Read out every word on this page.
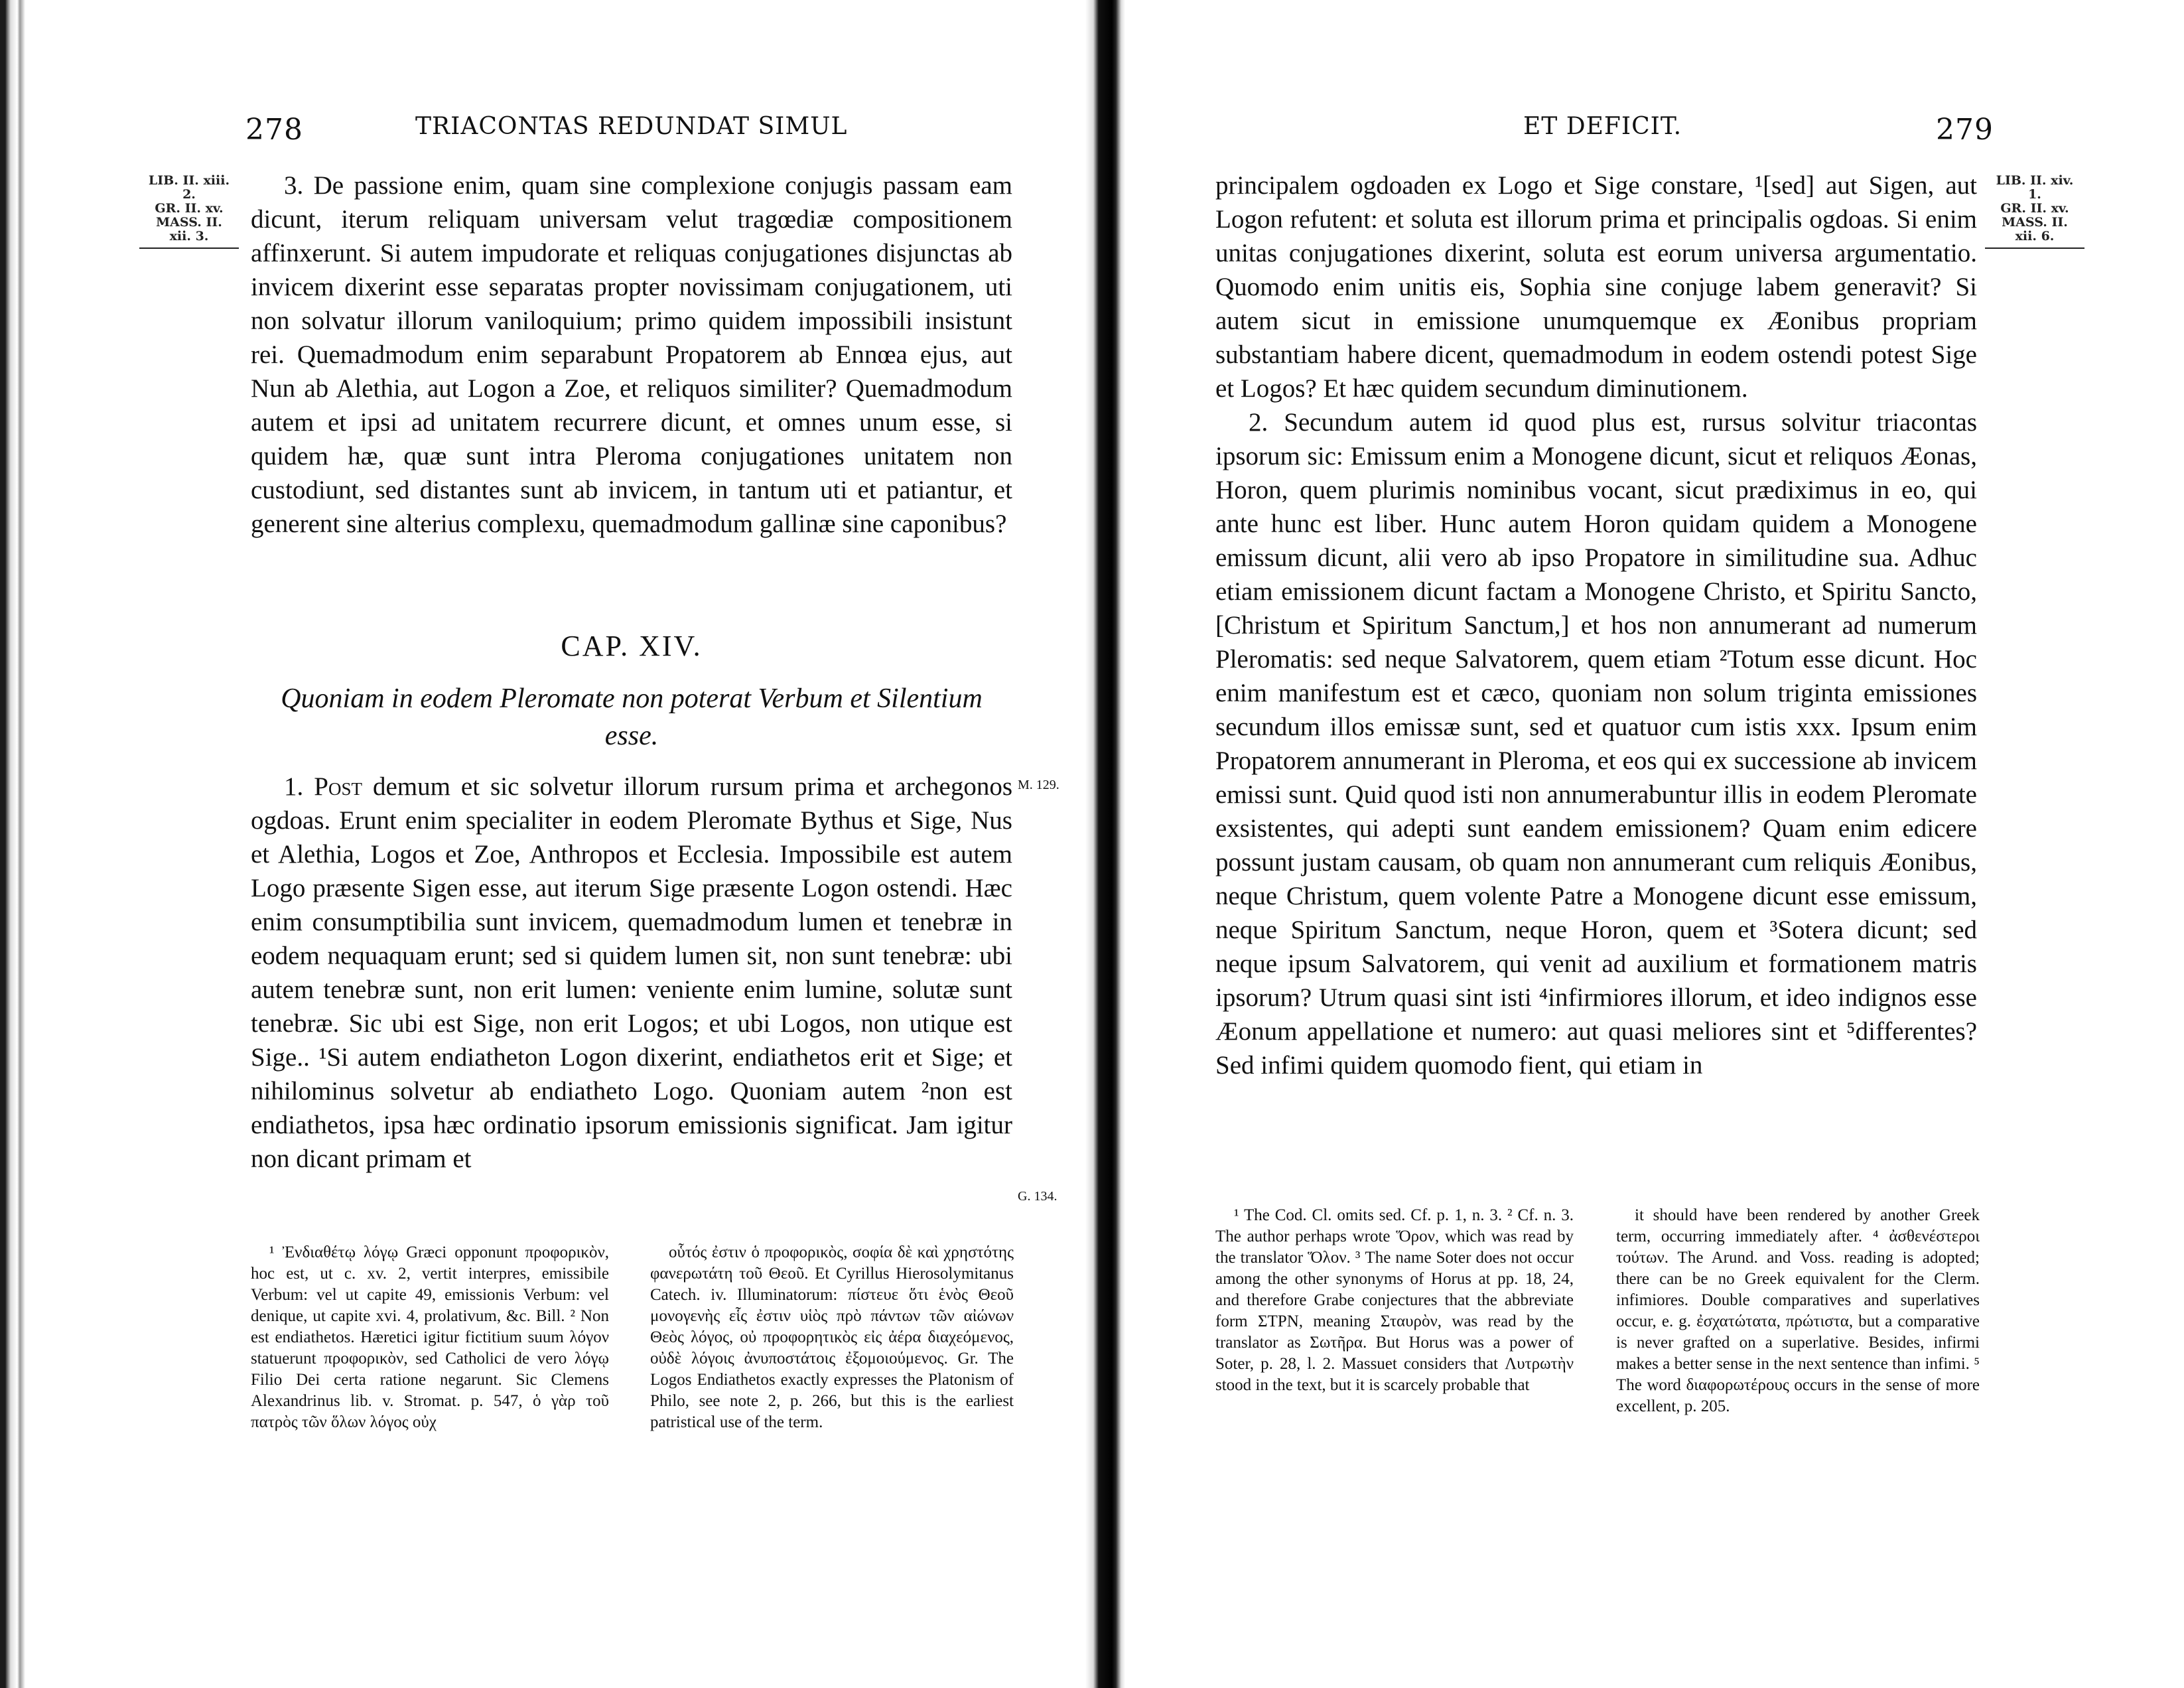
278	TRIACONTAS REDUNDAT SIMUL
LIB. II. xiii.
2.
GR. II. xv.
MASS. II.
xii. 3.

3. De passione enim, quam sine complexione conjugis passam eam dicunt, iterum reliquam universam velut tragœdiæ compositionem affinxerunt. Si autem impudorate et reliquas conjugationes disjunctas ab invicem dixerint esse separatas propter novissimam conjugationem, uti non solvatur illorum vaniloquium; primo quidem impossibili insistunt rei. Quemadmodum enim separabunt Propatorem ab Ennœa ejus, aut Nun ab Alethia, aut Logon a Zoe, et reliquos similiter? Quemadmodum autem et ipsi ad unitatem recurrere dicunt, et omnes unum esse, si quidem hæ, quæ sunt intra Pleroma conjugationes unitatem non custodiunt, sed distantes sunt ab invicem, in tantum uti et patiantur, et generent sine alterius complexu, quemadmodum gallinæ sine caponibus?

CAP. XIV.
Quoniam in eodem Pleromate non poterat Verbum et Silentium esse.

1. Post demum et sic solvetur illorum rursum prima et archegonos ogdoas. Erunt enim specialiter in eodem Pleromate Bythus et Sige, Nus et Alethia, Logos et Zoe, Anthropos et Ecclesia. Impossibile est autem Logo præsente Sigen esse, aut iterum Sige præsente Logon ostendi. Hæc enim consumptibilia sunt invicem, quemadmodum lumen et tenebræ in eodem nequaquam erunt; sed si quidem lumen sit, non sunt tenebræ: ubi autem tenebræ sunt, non erit lumen: veniente enim lumine, solutæ sunt tenebræ. Sic ubi est Sige, non erit Logos; et ubi Logos, non utique est Sige.. ¹Si autem endiatheton Logon dixerint, endiathetos erit et Sige; et nihilominus solvetur ab endiatheto Logo. Quoniam autem ²non est endiathetos, ipsa hæc ordinatio ipsorum emissionis significat. Jam igitur non dicant primam et

M. 129.
G. 134.

¹ Ἐνδιαθέτῳ λόγῳ Græci opponunt προφορικὸν, hoc est, ut c. xv. 2, vertit interpres, emissibile Verbum: vel ut capite 49, emissionis Verbum: vel denique, ut capite xvi. 4, prolativum, &c. Bill. ² Non est endiathetos. Hæretici igitur fictitium suum λόγον statuerunt προφορικὸν, sed Catholici de vero λόγῳ Filio Dei certa ratione negarunt. Sic Clemens Alexandrinus lib. v. Stromat. p. 547, ὁ γὰρ τοῦ πατρὸς τῶν ὅλων λόγος οὐχ

οὗτός ἐστιν ὁ προφορικὸς, σοφία δὲ καὶ χρηστότης φανερωτάτη τοῦ Θεοῦ. Et Cyrillus Hierosolymitanus Catech. iv. Illuminatorum: πίστευε ὅτι ἑνὸς Θεοῦ μονογενὴς εἷς ἐστιν υἱὸς πρὸ πάντων τῶν αἰώνων Θεὸς λόγος, οὐ προφορητικὸς εἰς ἀέρα διαχεόμενος, οὐδὲ λόγοις ἀνυποστάτοις ἐξομοιούμενος. Gr. The Logos Endiathetos exactly expresses the Platonism of Philo, see note 2, p. 266, but this is the earliest patristical use of the term.

ET DEFICIT.	279
LIB. II. xiv.
1.
GR. II. xv.
MASS. II.
xii. 6.

principalem ogdoaden ex Logo et Sige constare, ¹[sed] aut Sigen, aut Logon refutent: et soluta est illorum prima et principalis ogdoas. Si enim unitas conjugationes dixerint, soluta est eorum universa argumentatio. Quomodo enim unitis eis, Sophia sine conjuge labem generavit? Si autem sicut in emissione unumquemque ex Æonibus propriam substantiam habere dicent, quemadmodum in eodem ostendi potest Sige et Logos? Et hæc quidem secundum diminutionem.

2. Secundum autem id quod plus est, rursus solvitur triacontas ipsorum sic: Emissum enim a Monogene dicunt, sicut et reliquos Æonas, Horon, quem plurimis nominibus vocant, sicut prædiximus in eo, qui ante hunc est liber. Hunc autem Horon quidam quidem a Monogene emissum dicunt, alii vero ab ipso Propatore in similitudine sua. Adhuc etiam emissionem dicunt factam a Monogene Christo, et Spiritu Sancto, [Christum et Spiritum Sanctum,] et hos non annumerant ad numerum Pleromatis: sed neque Salvatorem, quem etiam ²Totum esse dicunt. Hoc enim manifestum est et cæco, quoniam non solum triginta emissiones secundum illos emissæ sunt, sed et quatuor cum istis xxx. Ipsum enim Propatorem annumerant in Pleroma, et eos qui ex successione ab invicem emissi sunt. Quid quod isti non annumerabuntur illis in eodem Pleromate exsistentes, qui adepti sunt eandem emissionem? Quam enim edicere possunt justam causam, ob quam non annumerant cum reliquis Æonibus, neque Christum, quem volente Patre a Monogene dicunt esse emissum, neque Spiritum Sanctum, neque Horon, quem et ³Sotera dicunt; sed neque ipsum Salvatorem, qui venit ad auxilium et formationem matris ipsorum? Utrum quasi sint isti ⁴infirmiores illorum, et ideo indignos esse Æonum appellatione et numero: aut quasi meliores sint et ⁵differentes? Sed infimi quidem quomodo fient, qui etiam in

¹ The Cod. Cl. omits sed. Cf. p. 1, n. 3. ² Cf. n. 3. The author perhaps wrote Ὅρον, which was read by the translator Ὅλον. ³ The name Soter does not occur among the other synonyms of Horus at pp. 18, 24, and therefore Grabe conjectures that the abbreviate form ΣΤΡΝ, meaning Σταυρὸν, was read by the translator as Σωτῆρα. But Horus was a power of Soter, p. 28, l. 2. Massuet considers that Λυτρωτὴν stood in the text, but it is scarcely probable that

it should have been rendered by another Greek term, occurring immediately after. ⁴ ἀσθενέστεροι τούτων. The Arund. and Voss. reading is adopted; there can be no Greek equivalent for the Clerm. infimiores. Double comparatives and superlatives occur, e. g. ἐσχατώτατα, πρώτιστα, but a comparative is never grafted on a superlative. Besides, infirmi makes a better sense in the next sentence than infimi. ⁵ The word διαφορωτέρους occurs in the sense of more excellent, p. 205.
